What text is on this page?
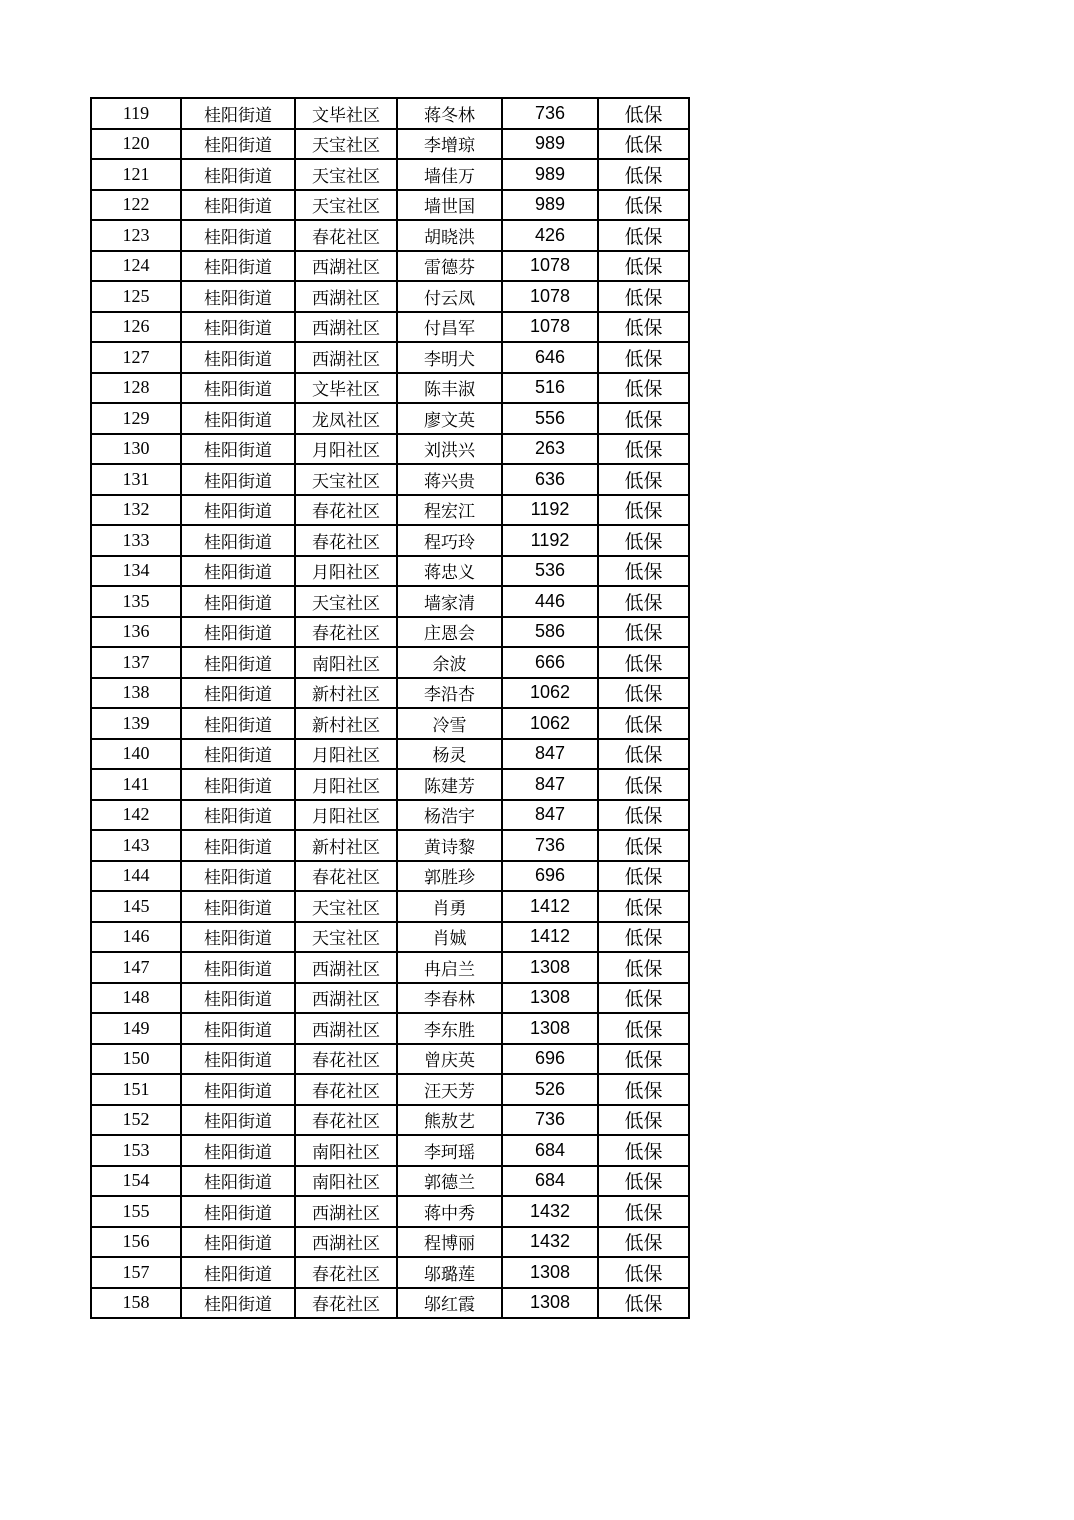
119	桂阳街道	文毕社区	蒋冬林	736	低保
120	桂阳街道	天宝社区	李增琼	989	低保
121	桂阳街道	天宝社区	墙佳万	989	低保
122	桂阳街道	天宝社区	墙世国	989	低保
123	桂阳街道	春花社区	胡晓洪	426	低保
124	桂阳街道	西湖社区	雷德芬	1078	低保
125	桂阳街道	西湖社区	付云凤	1078	低保
126	桂阳街道	西湖社区	付昌军	1078	低保
127	桂阳街道	西湖社区	李明犬	646	低保
128	桂阳街道	文毕社区	陈丰淑	516	低保
129	桂阳街道	龙凤社区	廖文英	556	低保
130	桂阳街道	月阳社区	刘洪兴	263	低保
131	桂阳街道	天宝社区	蒋兴贵	636	低保
132	桂阳街道	春花社区	程宏江	1192	低保
133	桂阳街道	春花社区	程巧玲	1192	低保
134	桂阳街道	月阳社区	蒋忠义	536	低保
135	桂阳街道	天宝社区	墙家清	446	低保
136	桂阳街道	春花社区	庄恩会	586	低保
137	桂阳街道	南阳社区	余波	666	低保
138	桂阳街道	新村社区	李沿杏	1062	低保
139	桂阳街道	新村社区	冷雪	1062	低保
140	桂阳街道	月阳社区	杨灵	847	低保
141	桂阳街道	月阳社区	陈建芳	847	低保
142	桂阳街道	月阳社区	杨浩宇	847	低保
143	桂阳街道	新村社区	黄诗黎	736	低保
144	桂阳街道	春花社区	郭胜珍	696	低保
145	桂阳街道	天宝社区	肖勇	1412	低保
146	桂阳街道	天宝社区	肖娍	1412	低保
147	桂阳街道	西湖社区	冉启兰	1308	低保
148	桂阳街道	西湖社区	李春林	1308	低保
149	桂阳街道	西湖社区	李东胜	1308	低保
150	桂阳街道	春花社区	曾庆英	696	低保
151	桂阳街道	春花社区	汪天芳	526	低保
152	桂阳街道	春花社区	熊敖艺	736	低保
153	桂阳街道	南阳社区	李珂瑶	684	低保
154	桂阳街道	南阳社区	郭德兰	684	低保
155	桂阳街道	西湖社区	蒋中秀	1432	低保
156	桂阳街道	西湖社区	程博丽	1432	低保
157	桂阳街道	春花社区	邬璐莲	1308	低保
158	桂阳街道	春花社区	邬红霞	1308	低保
